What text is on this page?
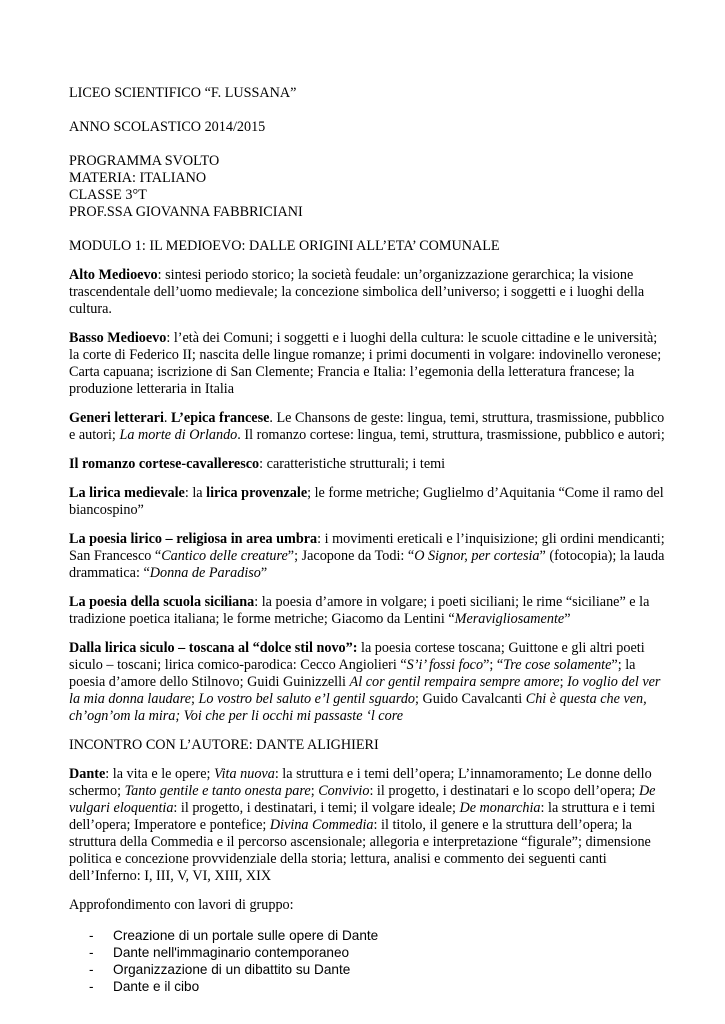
LICEO SCIENTIFICO “F. LUSSANA”

ANNO SCOLASTICO 2014/2015

PROGRAMMA SVOLTO

MATERIA: ITALIANO

CLASSE 3°T

PROF.SSA GIOVANNA FABBRICIANI

MODULO 1: IL MEDIOEVO: DALLE ORIGINI ALL’ETA’ COMUNALE

Alto Medioevo: sintesi periodo storico; la società feudale: un’organizzazione gerarchica; la visione trascendentale dell’uomo medievale; la concezione simbolica dell’universo; i soggetti e i luoghi della cultura.

Basso Medioevo: l’età dei Comuni; i soggetti e i luoghi della cultura: le scuole cittadine e le università; la corte di Federico II; nascita delle lingue romanze; i primi documenti in volgare: indovinello veronese; Carta capuana; iscrizione di San Clemente; Francia e Italia: l’egemonia della letteratura francese; la produzione letteraria in Italia

Generi letterari. L’epica francese. Le Chansons de geste: lingua, temi, struttura, trasmissione, pubblico e autori; La morte di Orlando. Il romanzo cortese: lingua, temi, struttura, trasmissione, pubblico e autori;

Il romanzo cortese-cavalleresco: caratteristiche strutturali; i temi

La lirica medievale: la lirica provenzale; le forme metriche; Guglielmo d’Aquitania “Come il ramo del biancospino”

La poesia lirico – religiosa in area umbra: i movimenti ereticali e l’inquisizione; gli ordini mendicanti; San Francesco “Cantico delle creature”; Jacopone da Todi: “O Signor, per cortesia” (fotocopia); la lauda drammatica: “Donna de Paradiso”

La poesia della scuola siciliana: la poesia d’amore in volgare; i poeti siciliani; le rime “siciliane” e la tradizione poetica italiana; le forme metriche; Giacomo da Lentini “Meravigliosamente”

Dalla lirica siculo – toscana al “dolce stil novo”: la poesia cortese toscana; Guittone e gli altri poeti siculo – toscani; lirica comico-parodica: Cecco Angiolieri “S’i’ fossi foco”; “Tre cose solamente”; la poesia d’amore dello Stilnovo; Guidi Guinizzelli Al cor gentil rempaira sempre amore; Io voglio del ver la mia donna laudare; Lo vostro bel saluto e’l gentil sguardo; Guido Cavalcanti Chi è questa che ven, ch’ogn’om la mira; Voi che per li occhi mi passaste ‘l core

INCONTRO CON L’AUTORE: DANTE ALIGHIERI

Dante: la vita e le opere; Vita nuova: la struttura e i temi dell’opera; L’innamoramento; Le donne dello schermo; Tanto gentile e tanto onesta pare; Convivio: il progetto, i destinatari e lo scopo dell’opera; De vulgari eloquentia: il progetto, i destinatari, i temi; il volgare ideale; De monarchia: la struttura e i temi dell’opera; Imperatore e pontefice; Divina Commedia: il titolo, il genere e la struttura dell’opera; la struttura della Commedia e il percorso ascensionale; allegoria e interpretazione “figurale”; dimensione politica e concezione provvidenziale della storia; lettura, analisi e commento dei seguenti canti dell’Inferno: I, III, V, VI, XIII, XIX

Approfondimento con lavori di gruppo:

- Creazione di un portale sulle opere di Dante
- Dante nell'immaginario contemporaneo
- Organizzazione di un dibattito su Dante
- Dante e il cibo
